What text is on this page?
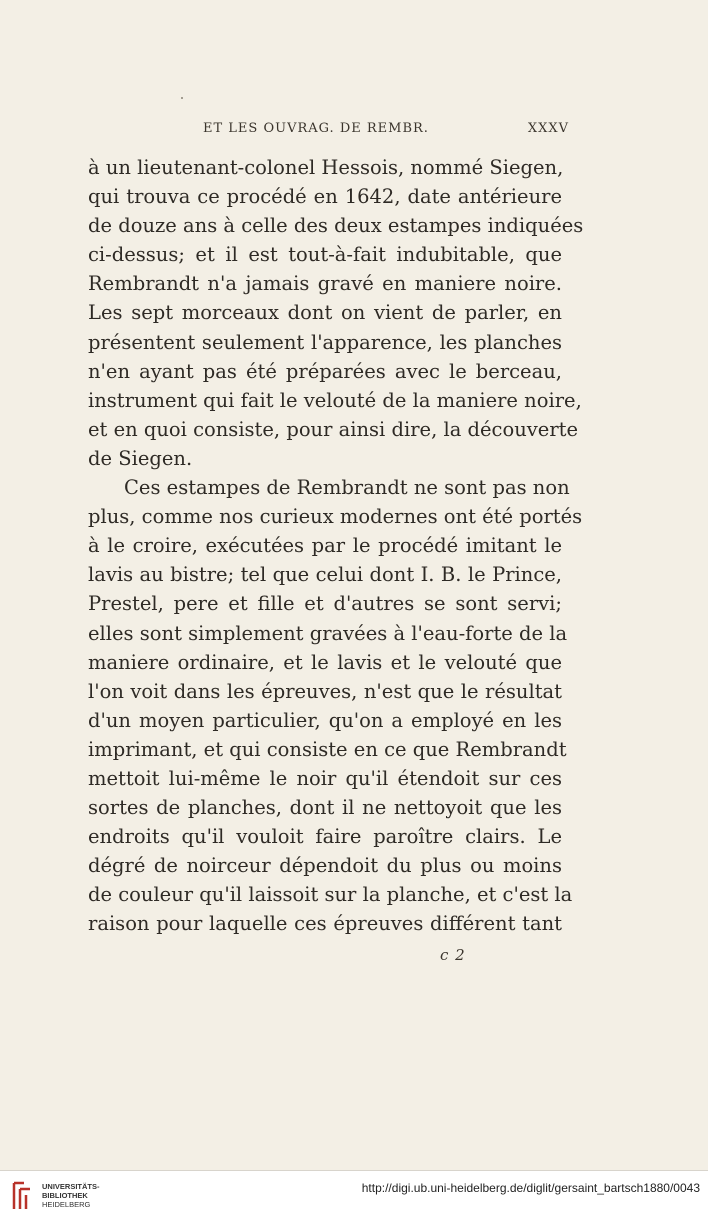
ET LES OUVRAG. DE REMBR.	XXXV
à un lieutenant-colonel Hessois, nommé Siegen,
qui trouva ce procédé en 1642, date antérieure
de douze ans à celle des deux estampes indiquées
ci-dessus; et il est tout-à-fait indubitable, que
Rembrandt n'a jamais gravé en maniere noire.
Les sept morceaux dont on vient de parler, en
présentent seulement l'apparence, les planches
n'en ayant pas été préparées avec le berceau,
instrument qui fait le velouté de la maniere noire,
et en quoi consiste, pour ainsi dire, la découverte
de Siegen.
Ces estampes de Rembrandt ne sont pas non
plus, comme nos curieux modernes ont été portés
à le croire, exécutées par le procédé imitant le
lavis au bistre; tel que celui dont I. B. le Prince,
Prestel, pere et fille et d'autres se sont servi;
elles sont simplement gravées à l'eau-forte de la
maniere ordinaire, et le lavis et le velouté que
l'on voit dans les épreuves, n'est que le résultat
d'un moyen particulier, qu'on a employé en les
imprimant, et qui consiste en ce que Rembrandt
mettoit lui-même le noir qu'il étendoit sur ces
sortes de planches, dont il ne nettoyoit que les
endroits qu'il vouloit faire paroître clairs. Le
dégré de noirceur dépendoit du plus ou moins
de couleur qu'il laissoit sur la planche, et c'est la
raison pour laquelle ces épreuves différent tant
c 2
UNIVERSITÄTS-
BIBLIOTHEK
HEIDELBERG
http://digi.ub.uni-heidelberg.de/diglit/gersaint_bartsch1880/0043
